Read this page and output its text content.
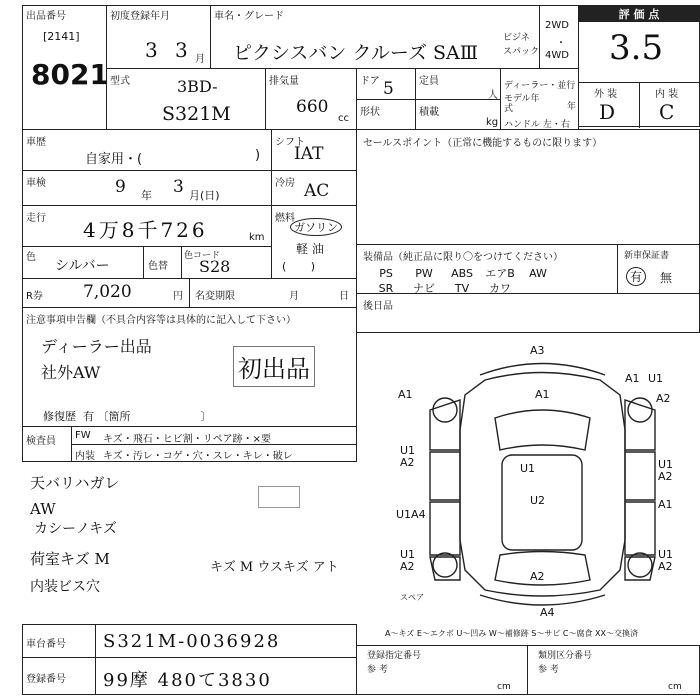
出品番号
[2141]
8021
初度登録年月
3 3 月
車名・グレード
ピクシスバン クルーズ SAⅢ
ビジネ
スパック
2WD
・
4WD
評 価 点
3.5
外 装	内 装
D C
型式	3BD-
S321M
排気量
660
cc
ドア 5	定員
人
形状	積載
kg
ディーラー・並行
モデル年式	年
ハンドル 左・右
車歴
自家用・(	)
シフト
IAT
車検	9 年 3 月(日)
冷房 AC
走行 4万8千726	km
燃料
ガソリン
軽 油
(       )
色
シルバー	色替
色コード
S28
R券 7,020	円 名変期限	月	日
セールスポイント（正常に機能するものに限ります）
装備品（純正品に限り〇をつけてください）
PS PW ABS エアB AW
SR ナビ TV カワ
新車保証書
有	無
後日品
注意事項申告欄（不具合内容等は具体的に記入して下さい）
ディーラー出品
社外AW	初出品
修復歴  有 〔箇所                    〕
検査員
FW キズ・飛石・ヒビ割・リペア跡・×要
内装 キズ・汚レ・コゲ・穴・スレ・キレ・破レ
天バリハガレ
AW
カシーノキズ
荷室キズ M
内装ビス穴
キズ M ウスキズ アト
A3
A1	A1
U1
A2
A1
U1
A2	U1
A2
U1
U2
U1A4
A1
U1
A2
U1
A2
A2
A4
スペア
A～キズ E～エクボ U～凹み W～補修跡 S～サビ C～腐食 XX～交換済
車台番号 S321M-0036928
登録番号 99摩 480て3830
登録指定番号
参 考
cm
類別区分番号
参 考
cm
